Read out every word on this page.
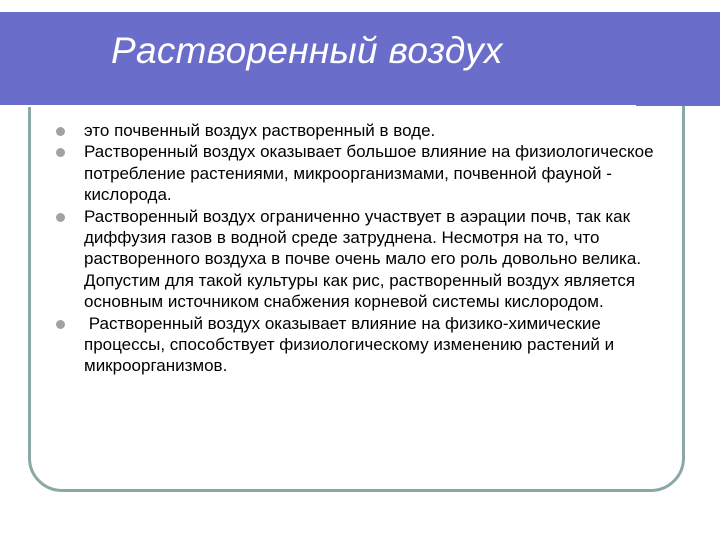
Растворенный воздух
это почвенный воздух растворенный в воде.
Растворенный воздух оказывает большое влияние на физиологическое потребление растениями, микроорганизмами, почвенной фауной - кислорода.
Растворенный воздух ограниченно участвует в аэрации почв, так как диффузия газов в водной среде затруднена. Несмотря на то, что растворенного воздуха в почве очень мало его роль довольно велика. Допустим для такой культуры как рис, растворенный воздух является основным источником снабжения корневой системы кислородом.
Растворенный воздух оказывает влияние на физико-химические процессы, способствует физиологическому изменению растений и микроорганизмов.
